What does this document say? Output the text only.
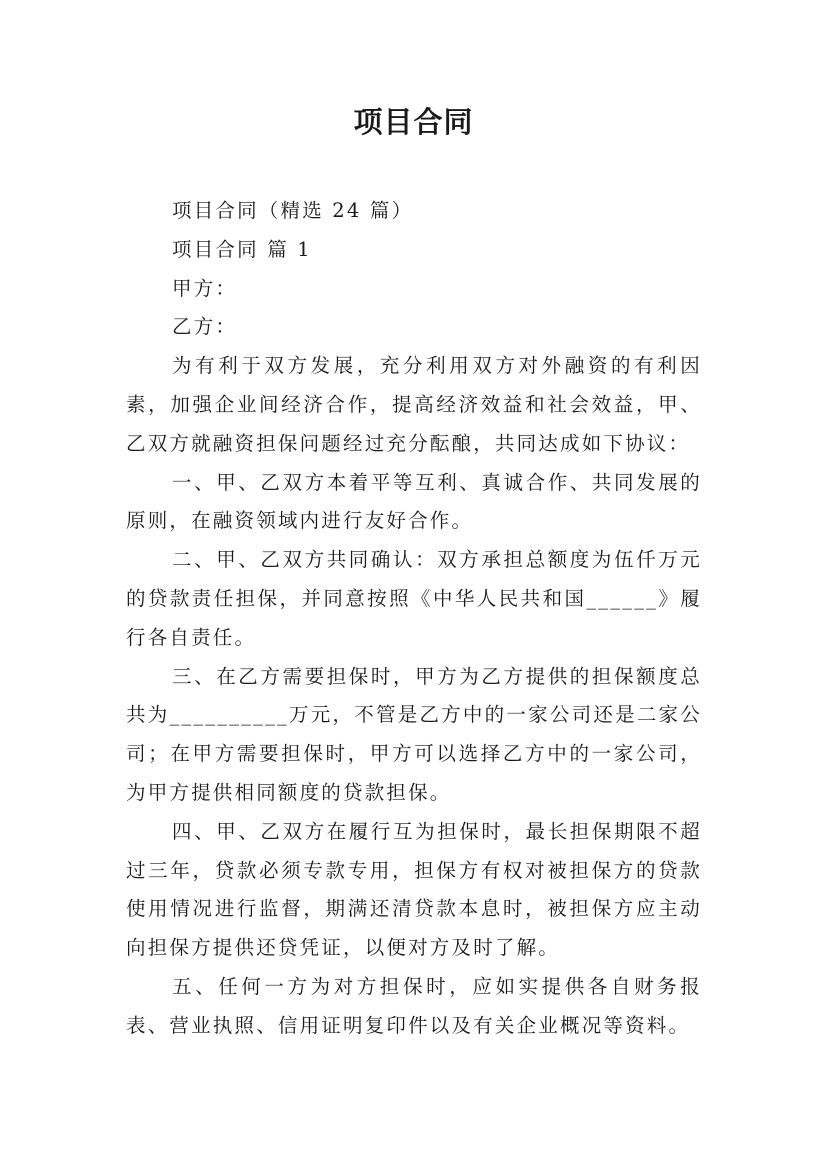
项目合同

项目合同（精选 24 篇）

项目合同 篇 1

甲方：

乙方：

为有利于双方发展，充分利用双方对外融资的有利因素，加强企业间经济合作，提高经济效益和社会效益，甲、乙双方就融资担保问题经过充分酝酿，共同达成如下协议：

一、甲、乙双方本着平等互利、真诚合作、共同发展的原则，在融资领域内进行友好合作。

二、甲、乙双方共同确认：双方承担总额度为伍仟万元的贷款责任担保，并同意按照《中华人民共和国______》履行各自责任。

三、在乙方需要担保时，甲方为乙方提供的担保额度总共为__________万元，不管是乙方中的一家公司还是二家公司；在甲方需要担保时，甲方可以选择乙方中的一家公司，为甲方提供相同额度的贷款担保。

四、甲、乙双方在履行互为担保时，最长担保期限不超过三年，贷款必须专款专用，担保方有权对被担保方的贷款使用情况进行监督，期满还清贷款本息时，被担保方应主动向担保方提供还贷凭证，以便对方及时了解。

五、任何一方为对方担保时，应如实提供各自财务报表、营业执照、信用证明复印件以及有关企业概况等资料。
